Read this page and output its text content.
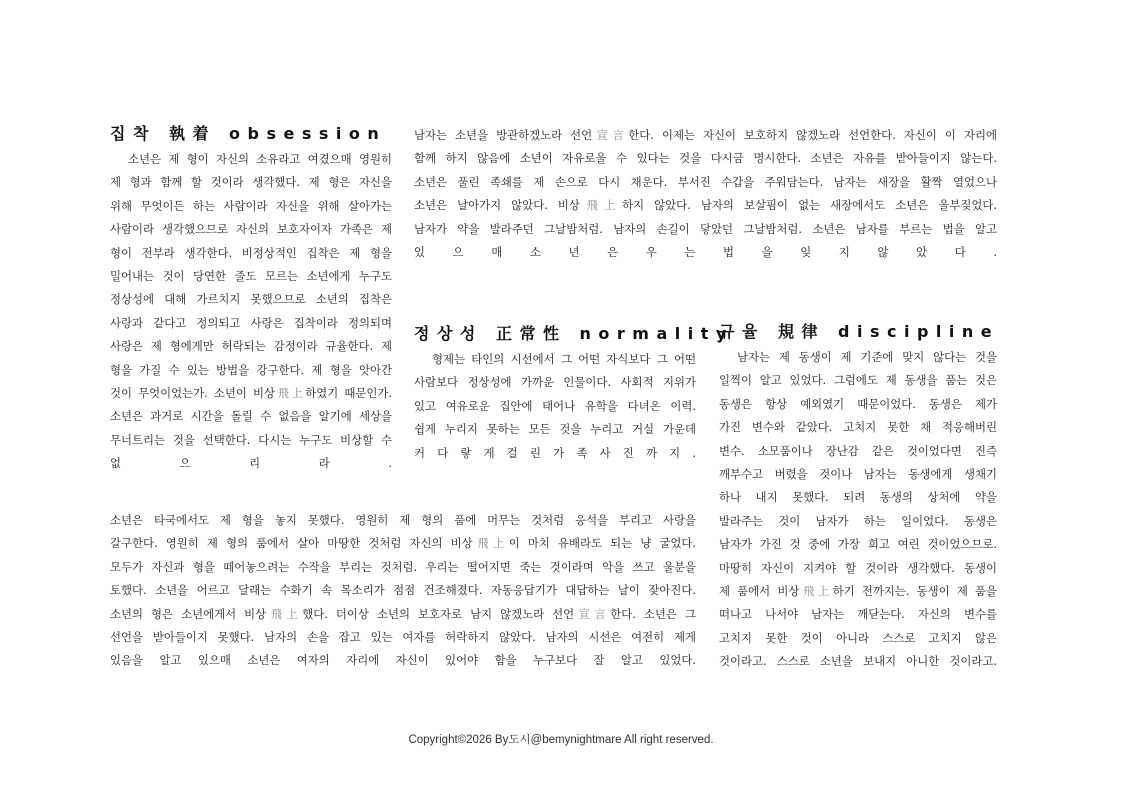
집착 執着 obsession
소년은 제 형이 자신의 소유라고 여겼으매 영원히
제 형과 함께 할 것이라 생각했다. 제 형은 자신을
위해 무엇이든 하는 사람이라 자신을 위해 살아가는
사람이라 생각했으므로 자신의 보호자이자 가족은 제
형이 전부라 생각한다. 비정상적인 집착은 제 형을
밀어내는 것이 당연한 줄도 모르는 소년에게 누구도
정상성에 대해 가르치지 못했으므로 소년의 집착은
사랑과 같다고 정의되고 사랑은 집착이라 정의되며
사랑은 제 형에게만 허락되는 감정이라 규율한다. 제
형을 가질 수 있는 방법을 강구한다. 제 형을 앗아간
것이 무엇이었는가. 소년이 비상飛上하였기 때문인가.
소년은 과거로 시간을 돌릴 수 없음을 알기에 세상을
무너트리는 것을 선택한다. 다시는 누구도 비상할 수
없 으 리 라 .
남자는 소년을 방관하겠노라 선언宣言한다. 이제는 자신이 보호하지 않겠노라 선언한다. 자신이 이 자리에
함께 하지 않음에 소년이 자유로울 수 있다는 것을 다시금 명시한다. 소년은 자유를 받아들이지 않는다.
소년은 풀린 족쇄를 제 손으로 다시 채운다. 부서진 수갑을 주워담는다. 남자는 새장을 활짝 열었으나
소년은 날아가지 않았다. 비상飛上하지 않았다. 남자의 보살핌이 없는 새장에서도 소년은 울부짖었다.
남자가 약을 발라주던 그날밤처럼. 남자의 손길이 닿았던 그날밤처럼. 소년은 남자를 부르는 법을 알고
있 으 매 소 년 은 우 는 법 을 잊 지 않 았 다 .
정상성 正常性 normality
형제는 타인의 시선에서 그 어떤 자식보다 그 어떤
사람보다 정상성에 가까운 인물이다. 사회적 지위가
있고 여유로운 집안에 태어나 유학을 다녀온 이력.
쉽게 누리지 못하는 모든 것을 누리고 거실 가운데
커 다 랗 게 걸 린 가 족 사 진 까 지 .
규율 規律 discipline
남자는 제 동생이 제 기준에 맞지 않다는 것을
일찍이 알고 있었다. 그럼에도 제 동생을 품는 것은
동생은 항상 예외였기 때문이었다. 동생은 제가
가진 변수와 같았다. 고치지 못한 채 적응해버린
변수. 소모품이나 장난감 같은 것이었다면 진즉
깨부수고 버렸을 것이나 남자는 동생에게 생채기
하나 내지 못했다. 되려 동생의 상처에 약을
발라주는 것이 남자가 하는 일이었다. 동생은
남자가 가진 것 중에 가장 희고 여린 것이었으므로.
마땅히 자신이 지켜야 할 것이라 생각했다. 동생이
제 품에서 비상飛上하기 전까지는. 동생이 제 품을
떠나고 나서야 남자는 깨닫는다. 자신의 변수를
고치지 못한 것이 아니라 스스로 고치지 않은
것이라고. 스스로 소년을 보내지 아니한 것이라고.
소년은 타국에서도 제 형을 놓지 못했다. 영원히 제 형의 품에 머무는 것처럼 응석을 부리고 사랑을
갈구한다. 영원히 제 형의 품에서 살아 마땅한 것처럼 자신의 비상飛上이 마치 유배라도 되는 냥 굴었다.
모두가 자신과 형을 떼어놓으려는 수작을 부리는 것처럼. 우리는 떨어지면 죽는 것이라며 악을 쓰고 울분을
토했다. 소년을 어르고 달래는 수화기 속 목소리가 점점 건조해졌다. 자동응답기가 대답하는 날이 잦아진다.
소년의 형은 소년에게서 비상飛上했다. 더이상 소년의 보호자로 남지 않겠노라 선언宣言한다. 소년은 그
선언을 받아들이지 못했다. 남자의 손을 잡고 있는 여자를 허락하지 않았다. 남자의 시선은 여전히 제게
있음을 알고 있으매 소년은 여자의 자리에 자신이 있어야 함을 누구보다 잘 알고 있었다.
Copyright©2026 By도시@bemynightmare All right reserved.
